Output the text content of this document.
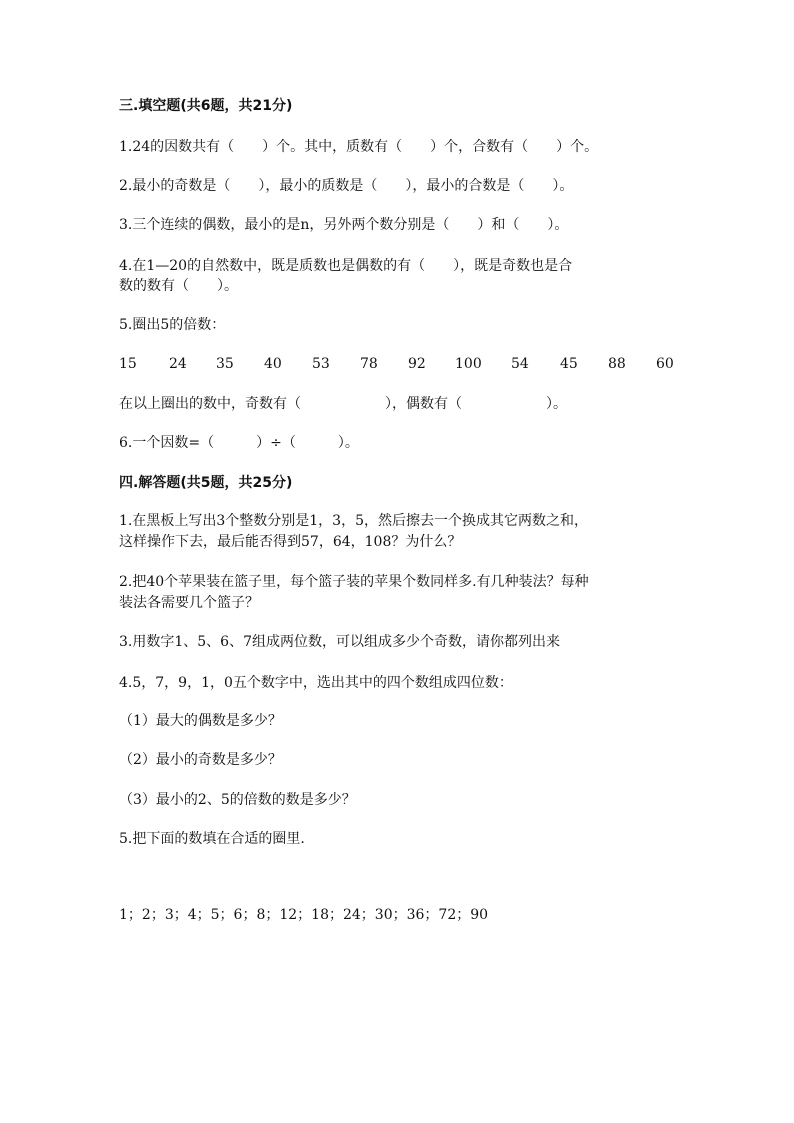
三.填空题(共6题，共21分)
1.24的因数共有（　　）个。其中，质数有（　　）个，合数有（　　）个。
2.最小的奇数是（　　），最小的质数是（　　），最小的合数是（　　）。
3.三个连续的偶数，最小的是n，另外两个数分别是（　　）和（　　）。
4.在1—20的自然数中，既是质数也是偶数的有（　　），既是奇数也是合
数的数有（　　）。
5.圈出5的倍数：
15 24 35 40 53 78 92 100 54 45 88 60
在以上圈出的数中，奇数有（　　　　　　），偶数有（　　　　　　）。
6.一个因数=（　　　）÷（　　　）。
四.解答题(共5题，共25分)
1.在黑板上写出3个整数分别是1，3，5，然后擦去一个换成其它两数之和，
这样操作下去，最后能否得到57，64，108？为什么？
2.把40个苹果装在篮子里，每个篮子装的苹果个数同样多.有几种装法？每种
装法各需要几个篮子？
3.用数字1、5、6、7组成两位数，可以组成多少个奇数，请你都列出来
4.5，7，9，1，0五个数字中，选出其中的四个数组成四位数：
（1）最大的偶数是多少？
（2）最小的奇数是多少？
（3）最小的2、5的倍数的数是多少？
5.把下面的数填在合适的圈里.
1；2；3；4；5；6；8；12；18；24；30；36；72；90
